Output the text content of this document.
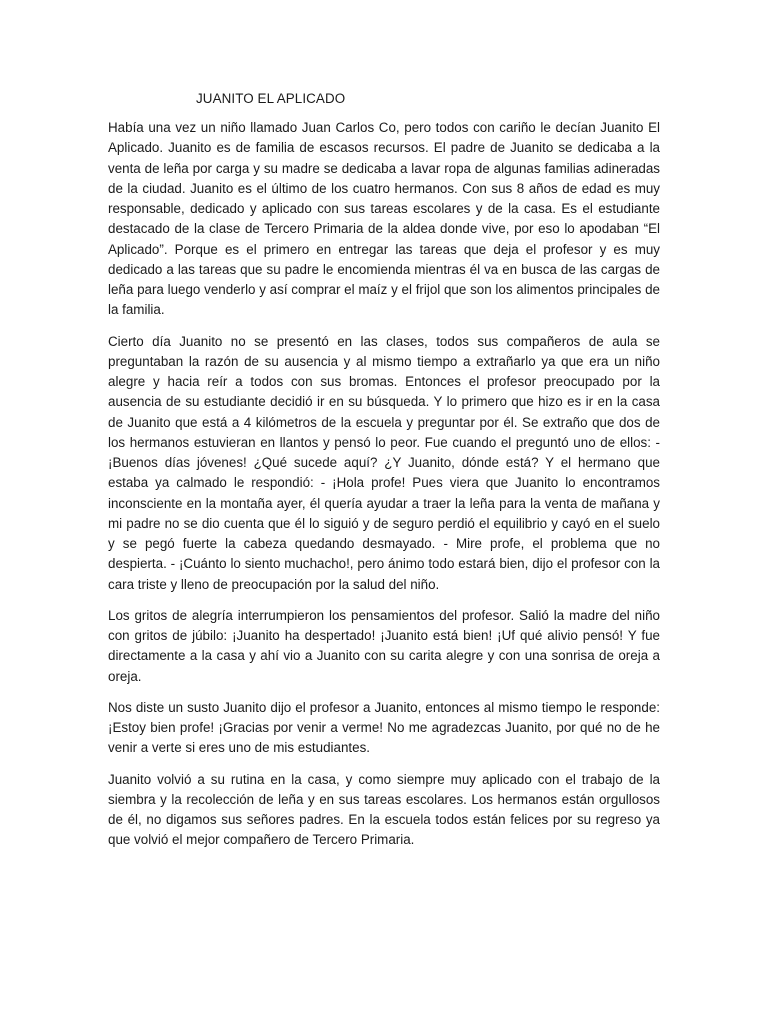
JUANITO EL APLICADO

Había una vez un niño llamado Juan Carlos Co, pero todos con cariño le decían Juanito El Aplicado. Juanito es de familia de escasos recursos. El padre de Juanito se dedicaba a la venta de leña por carga y su madre se dedicaba a lavar ropa de algunas familias adineradas de la ciudad. Juanito es el último de los cuatro hermanos. Con sus 8 años de edad es muy responsable, dedicado y aplicado con sus tareas escolares y de la casa. Es el estudiante destacado de la clase de Tercero Primaria de la aldea donde vive, por eso lo apodaban “El Aplicado”. Porque es el primero en entregar las tareas que deja el profesor y es muy dedicado a las tareas que su padre le encomienda mientras él va en busca de las cargas de leña para luego venderlo y así comprar el maíz y el frijol que son los alimentos principales de la familia.

Cierto día Juanito no se presentó en las clases, todos sus compañeros de aula se preguntaban la razón de su ausencia y al mismo tiempo a extrañarlo ya que era un niño alegre y hacia reír a todos con sus bromas. Entonces el profesor preocupado por la ausencia de su estudiante decidió ir en su búsqueda. Y lo primero que hizo es ir en la casa de Juanito que está a 4 kilómetros de la escuela y preguntar por él. Se extraño que dos de los hermanos estuvieran en llantos y pensó lo peor. Fue cuando el preguntó uno de ellos: -¡Buenos días jóvenes! ¿Qué sucede aquí? ¿Y Juanito, dónde está? Y el hermano que estaba ya calmado le respondió: - ¡Hola profe! Pues viera que Juanito lo encontramos inconsciente en la montaña ayer, él quería ayudar a traer la leña para la venta de mañana y mi padre no se dio cuenta que él lo siguió y de seguro perdió el equilibrio y cayó en el suelo y se pegó fuerte la cabeza quedando desmayado. - Mire profe, el problema que no despierta. - ¡Cuánto lo siento muchacho!, pero ánimo todo estará bien, dijo el profesor con la cara triste y lleno de preocupación por la salud del niño.

Los gritos de alegría interrumpieron los pensamientos del profesor. Salió la madre del niño con gritos de júbilo: ¡Juanito ha despertado! ¡Juanito está bien! ¡Uf qué alivio pensó! Y fue directamente a la casa y ahí vio a Juanito con su carita alegre y con una sonrisa de oreja a oreja.

Nos diste un susto Juanito dijo el profesor a Juanito, entonces al mismo tiempo le responde: ¡Estoy bien profe! ¡Gracias por venir a verme! No me agradezcas Juanito, por qué no de he venir a verte si eres uno de mis estudiantes.

Juanito volvió a su rutina en la casa, y como siempre muy aplicado con el trabajo de la siembra y la recolección de leña y en sus tareas escolares. Los hermanos están orgullosos de él, no digamos sus señores padres. En la escuela todos están felices por su regreso ya que volvió el mejor compañero de Tercero Primaria.
